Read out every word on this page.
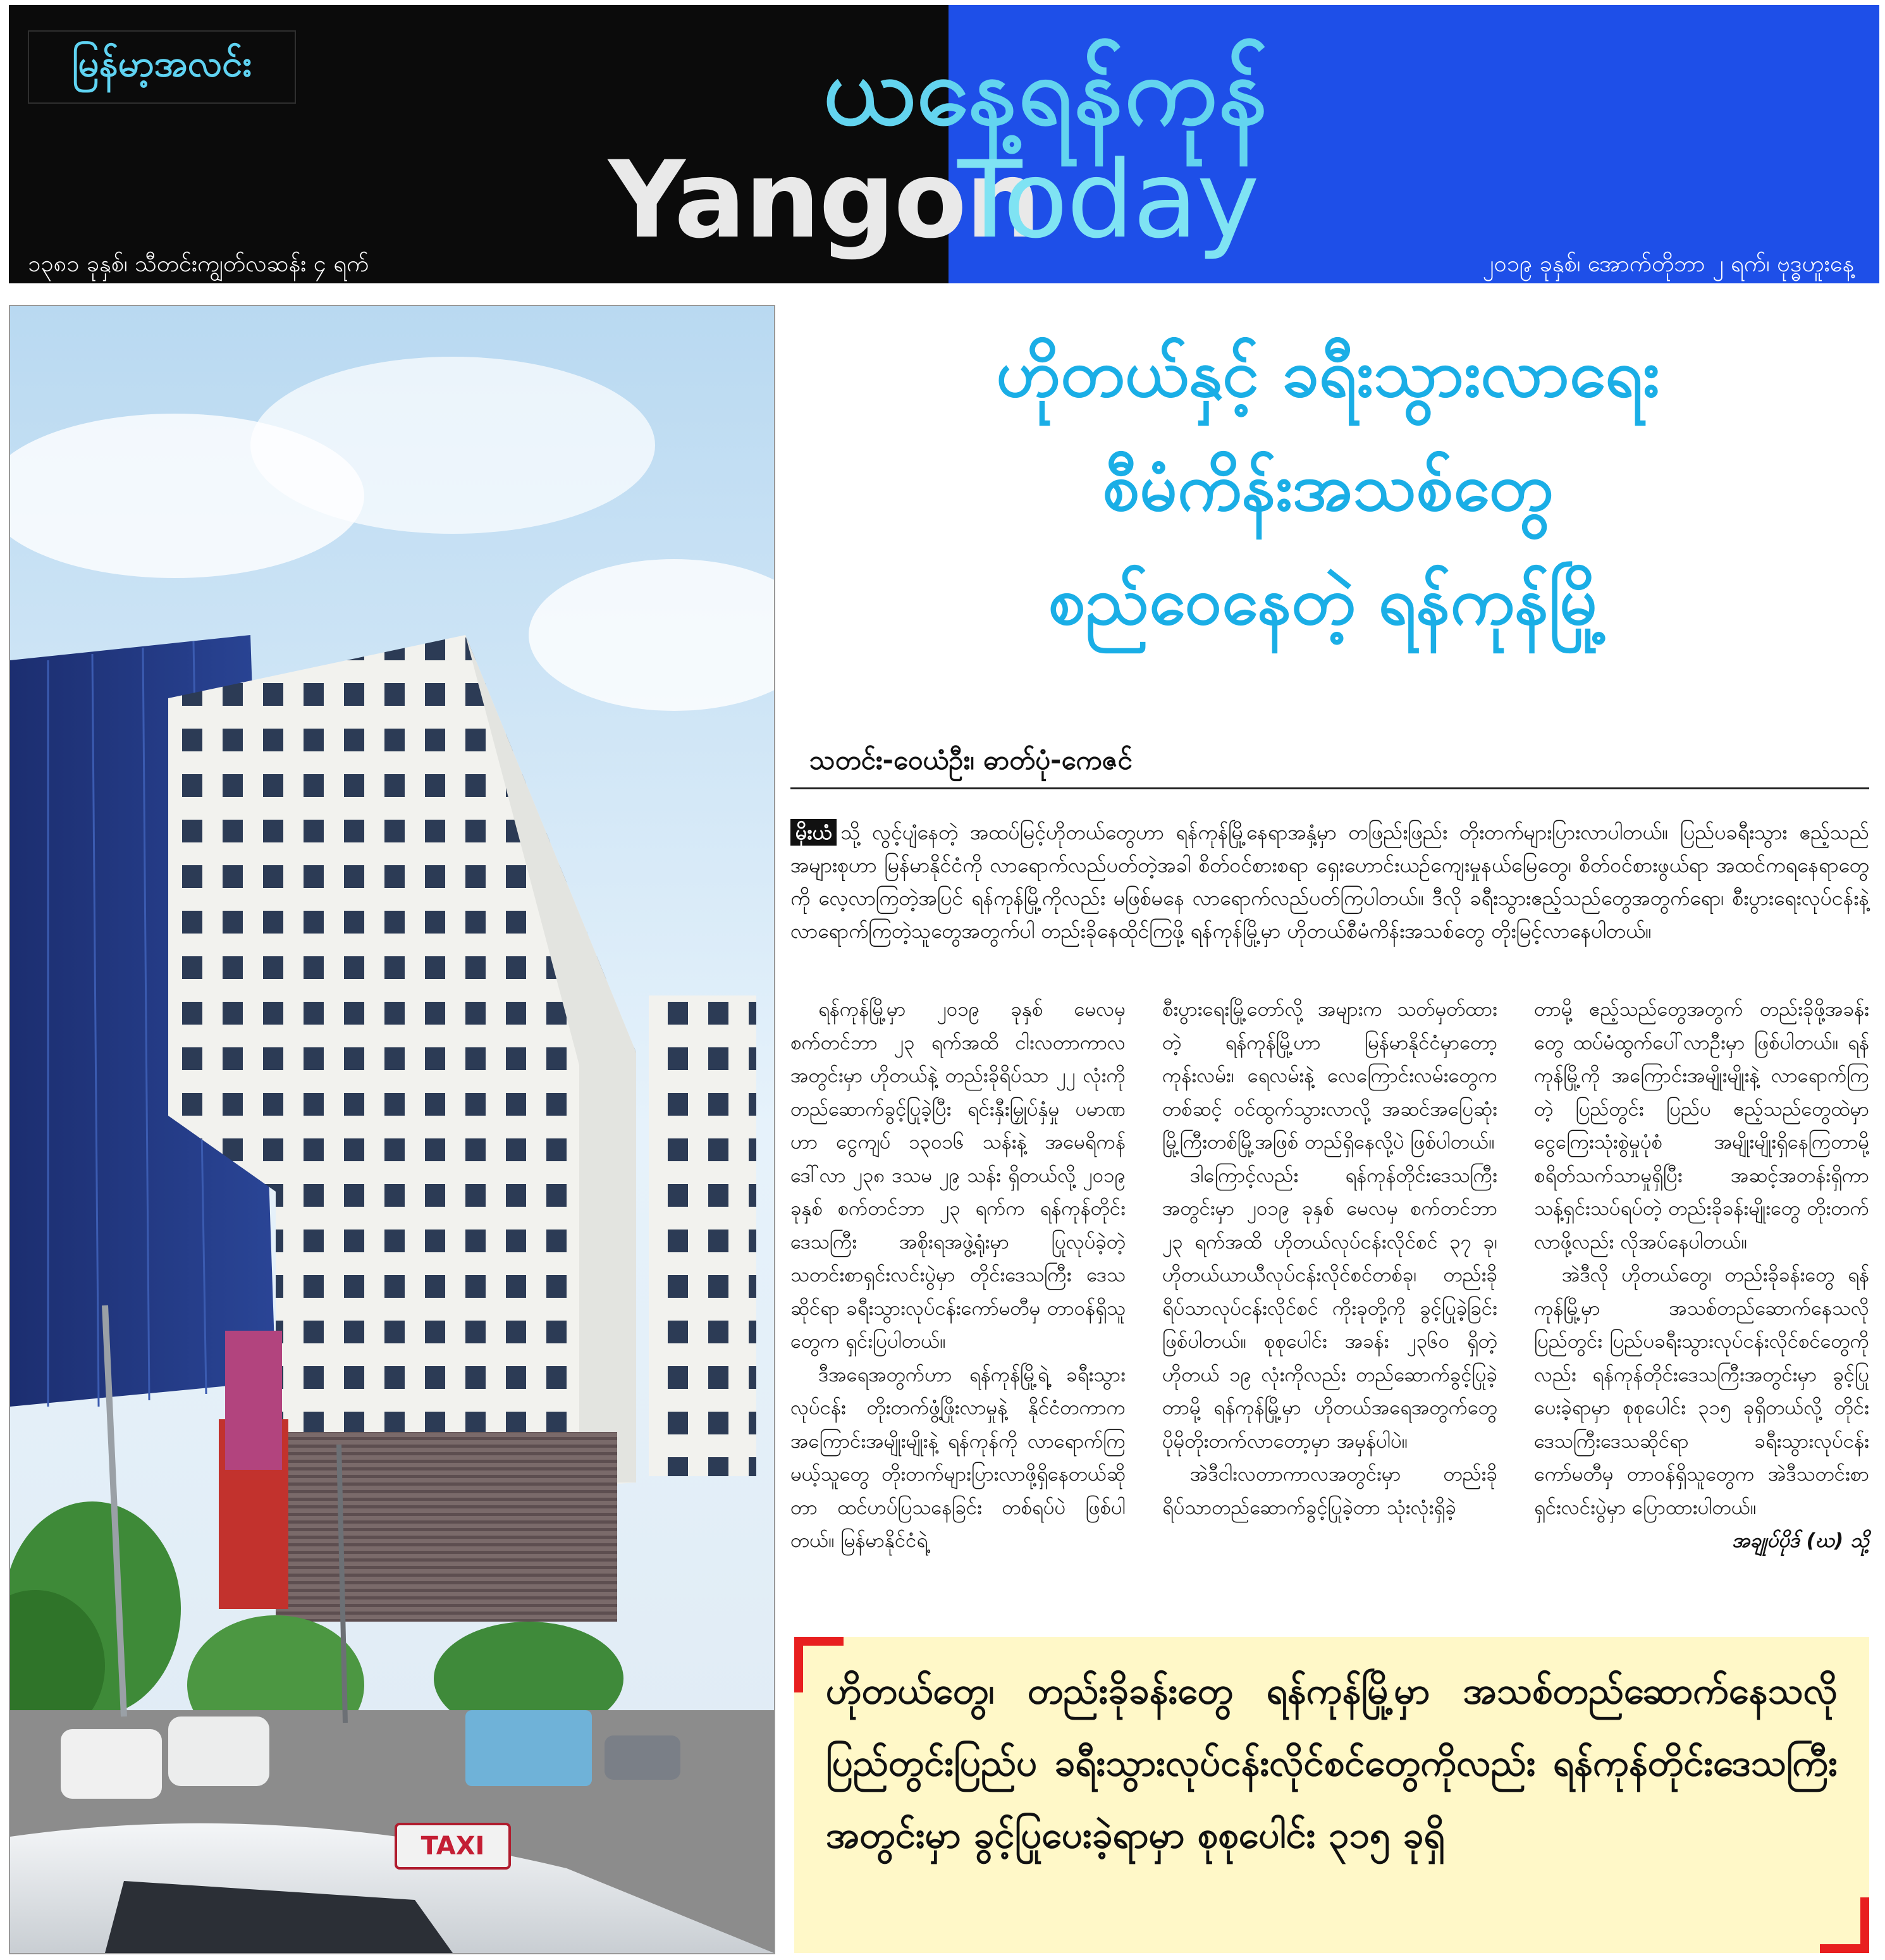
မြန်မာ့အလင်း	ယနေ့ရန်ကုန်
Yangon
Today
၁၃၈၁ ခုနှစ်၊ သီတင်းကျွတ်လဆန်း ၄ ရက်	၂၀၁၉ ခုနှစ်၊ အောက်တိုဘာ ၂ ရက်၊ ဗုဒ္ဓဟူးနေ့
TAXI
ဟိုတယ်နှင့် ခရီးသွားလာရေး
စီမံကိန်းအသစ်တွေ
စည်ဝေနေတဲ့ ရန်ကုန်မြို့
သတင်း-ဝေယံဦး၊ ဓာတ်ပုံ-ကေဇင်
မိုးယံ သို့ လွင့်ပျံနေတဲ့ အထပ်မြင့်ဟိုတယ်တွေဟာ ရန်ကုန်မြို့နေရာအနှံ့မှာ တဖြည်းဖြည်း တိုးတက်များပြားလာပါတယ်။ ပြည်ပခရီးသွား ဧည့်သည်အများစုဟာ မြန်မာနိုင်ငံကို လာရောက်လည်ပတ်တဲ့အခါ စိတ်ဝင်စားစရာ ရှေးဟောင်းယဉ်ကျေးမှုနယ်မြေတွေ၊ စိတ်ဝင်စားဖွယ်ရာ အထင်ကရနေရာတွေကို လေ့လာကြတဲ့အပြင် ရန်ကုန်မြို့ကိုလည်း မဖြစ်မနေ လာရောက်လည်ပတ်ကြပါတယ်။ ဒီလို ခရီးသွားဧည့်သည်တွေအတွက်ရော၊ စီးပွားရေးလုပ်ငန်းနဲ့ လာရောက်ကြတဲ့သူတွေအတွက်ပါ တည်းခိုနေထိုင်ကြဖို့ ရန်ကုန်မြို့မှာ ဟိုတယ်စီမံကိန်းအသစ်တွေ တိုးမြင့်လာနေပါတယ်။

ရန်ကုန်မြို့မှာ ၂၀၁၉ ခုနှစ် မေလမှ စက်တင်ဘာ ၂၃ ရက်အထိ ငါးလတာကာလ အတွင်းမှာ ဟိုတယ်နဲ့ တည်းခိုရိပ်သာ ၂၂ လုံးကို တည်ဆောက်ခွင့်ပြုခဲ့ပြီး ရင်းနှီးမြှုပ်နှံမှု ပမာဏဟာ ငွေကျပ် ၁၃၀၁၆ သန်းနဲ့ အမေရိကန်ဒေါ်လာ ၂၃၈ ဒသမ ၂၉ သန်း ရှိတယ်လို့ ၂၀၁၉ ခုနှစ် စက်တင်ဘာ ၂၃ ရက်က ရန်ကုန်တိုင်းဒေသကြီး အစိုးရအဖွဲ့ရုံးမှာ ပြုလုပ်ခဲ့တဲ့ သတင်းစာရှင်းလင်းပွဲမှာ တိုင်းဒေသကြီး ဒေသဆိုင်ရာ ခရီးသွားလုပ်ငန်းကော်မတီမှ တာဝန်ရှိသူတွေက ရှင်းပြပါတယ်။

ဒီအရေအတွက်ဟာ ရန်ကုန်မြို့ရဲ့ ခရီးသွားလုပ်ငန်း တိုးတက်ဖွံ့ဖြိုးလာမှုနဲ့ နိုင်ငံတကာက အကြောင်းအမျိုးမျိုးနဲ့ ရန်ကုန်ကို လာရောက်ကြမယ့်သူတွေ တိုးတက်များပြားလာဖို့ရှိနေတယ်ဆိုတာ ထင်ဟပ်ပြသနေခြင်း တစ်ရပ်ပဲ ဖြစ်ပါတယ်။ မြန်မာနိုင်ငံရဲ့

စီးပွားရေးမြို့တော်လို့ အများက သတ်မှတ်ထားတဲ့ ရန်ကုန်မြို့ဟာ မြန်မာနိုင်ငံမှာတော့ ကုန်းလမ်း၊ ရေလမ်းနဲ့ လေကြောင်းလမ်းတွေကတစ်ဆင့် ဝင်ထွက်သွားလာလို့ အဆင်အပြေဆုံး မြို့ကြီးတစ်မြို့အဖြစ် တည်ရှိနေလို့ပဲ ဖြစ်ပါတယ်။

ဒါကြောင့်လည်း ရန်ကုန်တိုင်းဒေသကြီးအတွင်းမှာ ၂၀၁၉ ခုနှစ် မေလမှ စက်တင်ဘာ ၂၃ ရက်အထိ ဟိုတယ်လုပ်ငန်းလိုင်စင် ၃၇ ခု၊ ဟိုတယ်ယာယီလုပ်ငန်းလိုင်စင်တစ်ခု၊ တည်းခိုရိပ်သာလုပ်ငန်းလိုင်စင် ကိုးခုတို့ကို ခွင့်ပြုခဲ့ခြင်း ဖြစ်ပါတယ်။ စုစုပေါင်း အခန်း ၂၃၆၀ ရှိတဲ့ ဟိုတယ် ၁၉ လုံးကိုလည်း တည်ဆောက်ခွင့်ပြုခဲ့တာမို့ ရန်ကုန်မြို့မှာ ဟိုတယ်အရေအတွက်တွေ ပိုမိုတိုးတက်လာတော့မှာ အမှန်ပါပဲ။

အဲဒီငါးလတာကာလအတွင်းမှာ တည်းခိုရိပ်သာတည်ဆောက်ခွင့်ပြုခဲ့တာ သုံးလုံးရှိခဲ့

တာမို့ ဧည့်သည်တွေအတွက် တည်းခိုဖို့အခန်းတွေ ထပ်မံထွက်ပေါ်လာဦးမှာ ဖြစ်ပါတယ်။ ရန်ကုန်မြို့ကို အကြောင်းအမျိုးမျိုးနဲ့ လာရောက်ကြတဲ့ ပြည်တွင်း ပြည်ပ ဧည့်သည်တွေထဲမှာ ငွေကြေးသုံးစွဲမှုပုံစံ အမျိုးမျိုးရှိနေကြတာမို့ စရိတ်သက်သာမှုရှိပြီး အဆင့်အတန်းရှိကာ သန့်ရှင်းသပ်ရပ်တဲ့ တည်းခိုခန်းမျိုးတွေ တိုးတက်လာဖို့လည်း လိုအပ်နေပါတယ်။

အဲဒီလို ဟိုတယ်တွေ၊ တည်းခိုခန်းတွေ ရန်ကုန်မြို့မှာ အသစ်တည်ဆောက်နေသလို ပြည်တွင်း ပြည်ပခရီးသွားလုပ်ငန်းလိုင်စင်တွေကိုလည်း ရန်ကုန်တိုင်းဒေသကြီးအတွင်းမှာ ခွင့်ပြုပေးခဲ့ရာမှာ စုစုပေါင်း ၃၁၅ ခုရှိတယ်လို့ တိုင်းဒေသကြီးဒေသဆိုင်ရာ ခရီးသွားလုပ်ငန်းကော်မတီမှ တာဝန်ရှိသူတွေက အဲဒီသတင်းစာရှင်းလင်းပွဲမှာ ပြောထားပါတယ်။

အချုပ်ပိုဒ် (ဃ) သို့

ဟိုတယ်တွေ၊ တည်းခိုခန်းတွေ ရန်ကုန်မြို့မှာ အသစ်တည်ဆောက်နေသလို ပြည်တွင်းပြည်ပ ခရီးသွားလုပ်ငန်းလိုင်စင်တွေကိုလည်း ရန်ကုန်တိုင်းဒေသကြီးအတွင်းမှာ ခွင့်ပြုပေးခဲ့ရာမှာ စုစုပေါင်း ၃၁၅ ခုရှိ
